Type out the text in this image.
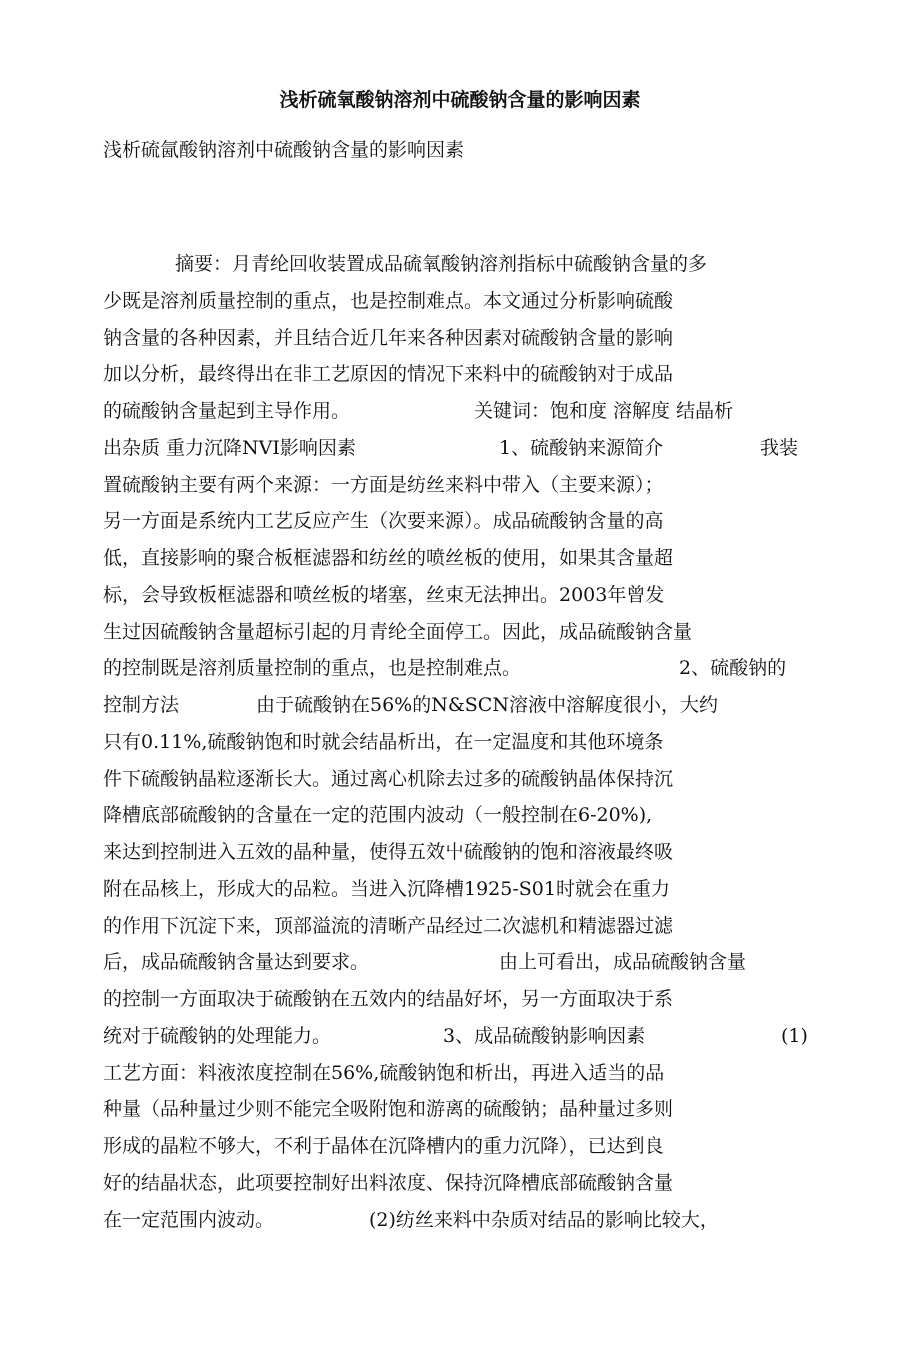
浅析硫氧酸钠溶剂中硫酸钠含量的影响因素
浅析硫氤酸钠溶剂中硫酸钠含量的影响因素
摘要：月青纶回收装置成品硫氧酸钠溶剂指标中硫酸钠含量的多
少既是溶剂质量控制的重点，也是控制难点。本文通过分析影响硫酸
钠含量的各种因素，并且结合近几年来各种因素对硫酸钠含量的影响
加以分析，最终得出在非工艺原因的情况下来料中的硫酸钠对于成品
的硫酸钠含量起到主导作用。	关键词：饱和度 溶解度 结晶析
出杂质 重力沉降NVI影响因素	1、硫酸钠来源简介	我装
置硫酸钠主要有两个来源：一方面是纺丝来料中带入（主要来源）；
另一方面是系统内工艺反应产生（次要来源）。成品硫酸钠含量的高
低，直接影响的聚合板框滤器和纺丝的喷丝板的使用，如果其含量超
标，会导致板框滤器和喷丝板的堵塞，丝束无法抻出。2003年曾发
生过因硫酸钠含量超标引起的月青纶全面停工。因此，成品硫酸钠含量
的控制既是溶剂质量控制的重点，也是控制难点。	2、硫酸钠的
控制方法	由于硫酸钠在56%的N&SCN溶液中溶解度很小，大约
只有0.11%,硫酸钠饱和时就会结晶析出，在一定温度和其他环境条
件下硫酸钠晶粒逐渐长大。通过离心机除去过多的硫酸钠晶体保持沉
降槽底部硫酸钠的含量在一定的范围内波动（一般控制在6-20%),
来达到控制进入五效的晶种量，使得五效屮硫酸钠的饱和溶液最终吸
附在品核上，形成大的品粒。当进入沉降槽1925-S01时就会在重力
的作用下沉淀下来，顶部溢流的清晰产品经过二次滤机和精滤器过滤
后，成品硫酸钠含量达到要求。	由上可看出，成品硫酸钠含量
的控制一方面取决于硫酸钠在五效内的结晶好坏，另一方面取决于系
统对于硫酸钠的处理能力。	3、成品硫酸钠影响因素	(1)
工艺方面：料液浓度控制在56%,硫酸钠饱和析出，再进入适当的品
种量（品种量过少则不能完全吸附饱和游离的硫酸钠；晶种量过多则
形成的晶粒不够大，不利于晶体在沉降槽内的重力沉降），已达到良
好的结晶状态，此项要控制好出料浓度、保持沉降槽底部硫酸钠含量
在一定范围内波动。	(2)纺丝来料中杂质对结品的影响比较大，
